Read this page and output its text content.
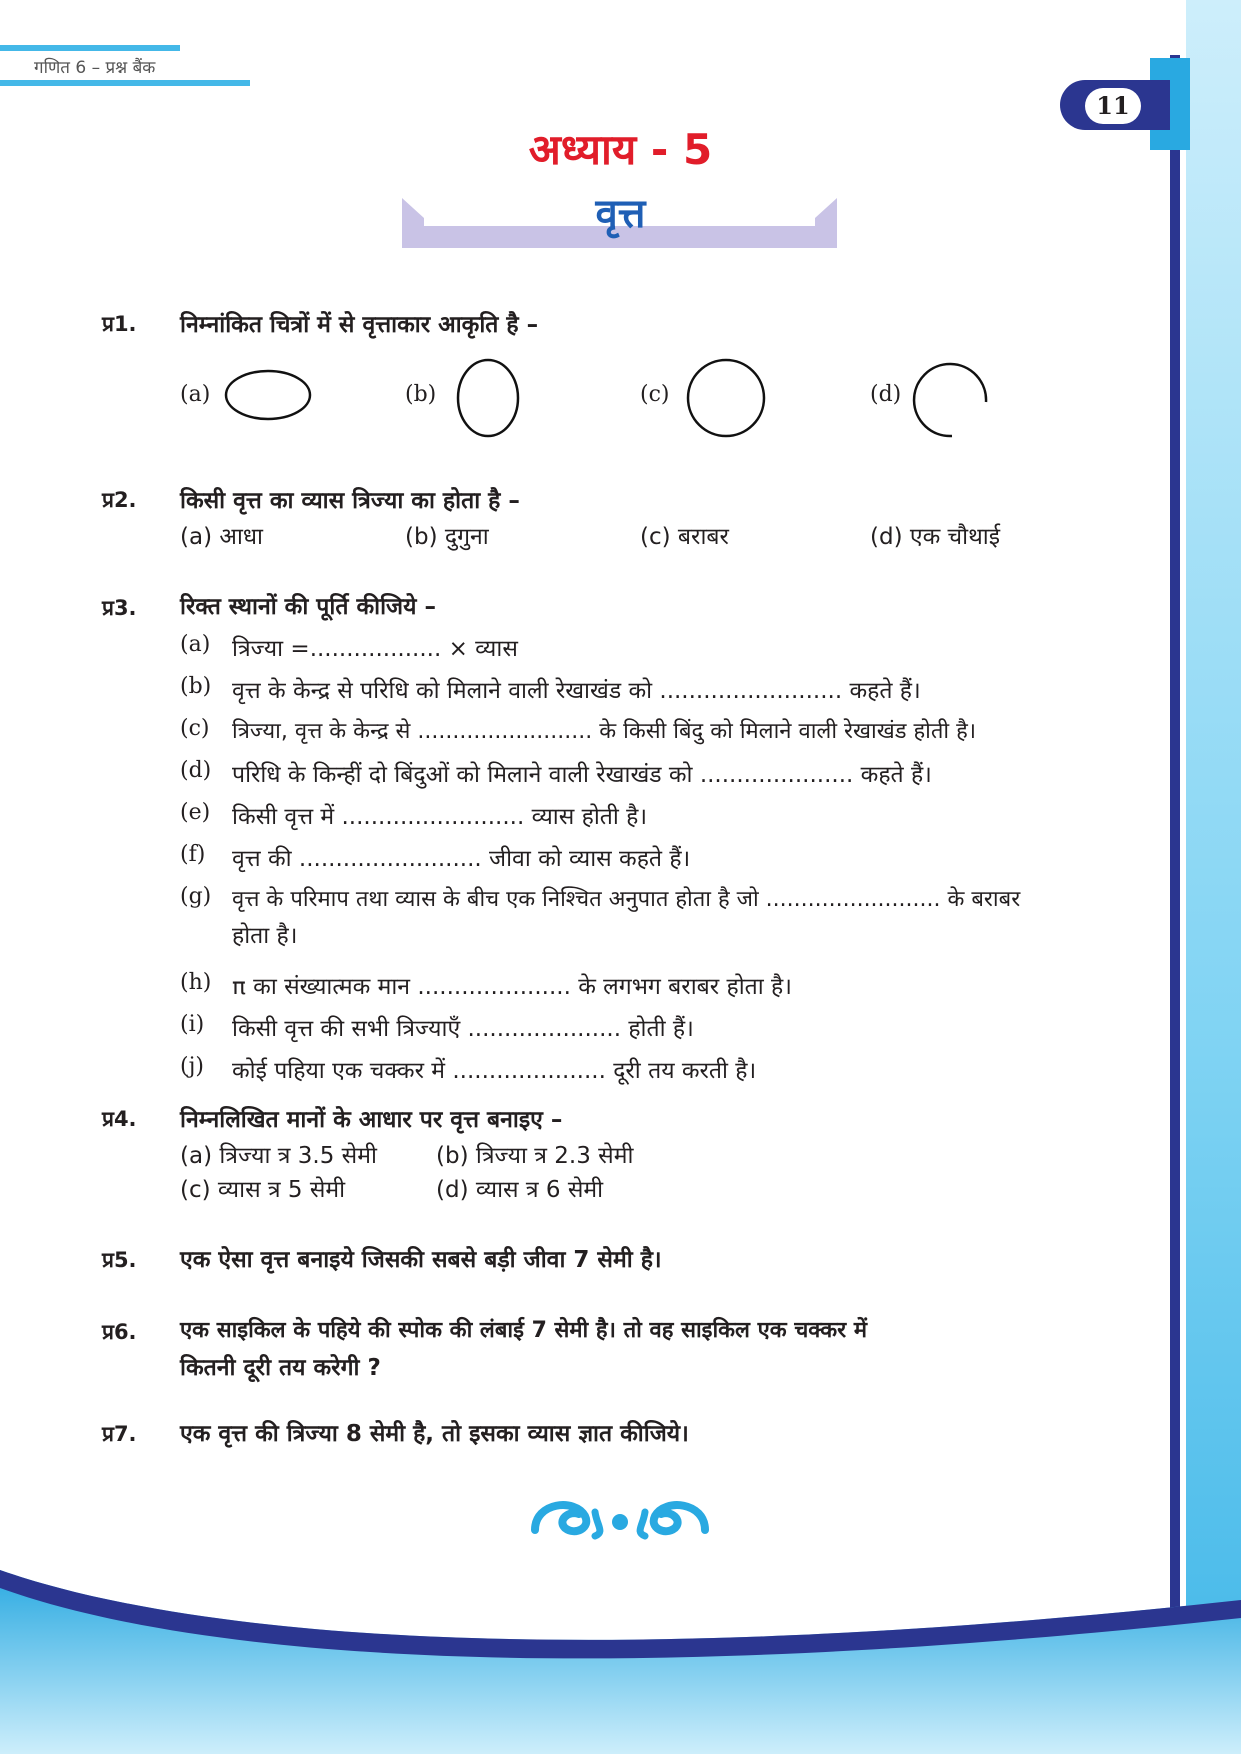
गणित 6 – प्रश्न बैंक
11
अध्याय - 5
वृत्त
प्र1. निम्नांकित चित्रों में से वृत्ताकार आकृति है –
(a)	(b)	(c)	(d)
प्र2. किसी वृत्त का व्यास त्रिज्या का होता है –
(a) आधा	(b) दुगुना	(c) बराबर	(d) एक चौथाई
प्र3. रिक्त स्थानों की पूर्ति कीजिये –
(a) त्रिज्या =.................. × व्यास
(b) वृत्त के केन्द्र से परिधि को मिलाने वाली रेखाखंड को ......................... कहते हैं।
(c) त्रिज्या, वृत्त के केन्द्र से ......................... के किसी बिंदु को मिलाने वाली रेखाखंड होती है।
(d) परिधि के किन्हीं दो बिंदुओं को मिलाने वाली रेखाखंड को ..................... कहते हैं।
(e) किसी वृत्त में ......................... व्यास होती है।
(f) वृत्त की ......................... जीवा को व्यास कहते हैं।
(g) वृत्त के परिमाप तथा व्यास के बीच एक निश्चित अनुपात होता है जो ......................... के बराबर
होता है।
(h) π का संख्यात्मक मान ..................... के लगभग बराबर होता है।
(i) किसी वृत्त की सभी त्रिज्याएँ ..................... होती हैं।
(j) कोई पहिया एक चक्कर में ..................... दूरी तय करती है।
प्र4. निम्नलिखित मानों के आधार पर वृत्त बनाइए –
(a) त्रिज्या त्र 3.5 सेमी	(b) त्रिज्या त्र 2.3 सेमी
(c) व्यास त्र 5 सेमी	(d) व्यास त्र 6 सेमी
प्र5. एक ऐसा वृत्त बनाइये जिसकी सबसे बड़ी जीवा 7 सेमी है।
प्र6. एक साइकिल के पहिये की स्पोक की लंबाई 7 सेमी है। तो वह साइकिल एक चक्कर में
कितनी दूरी तय करेगी ?
प्र7. एक वृत्त की त्रिज्या 8 सेमी है, तो इसका व्यास ज्ञात कीजिये।
